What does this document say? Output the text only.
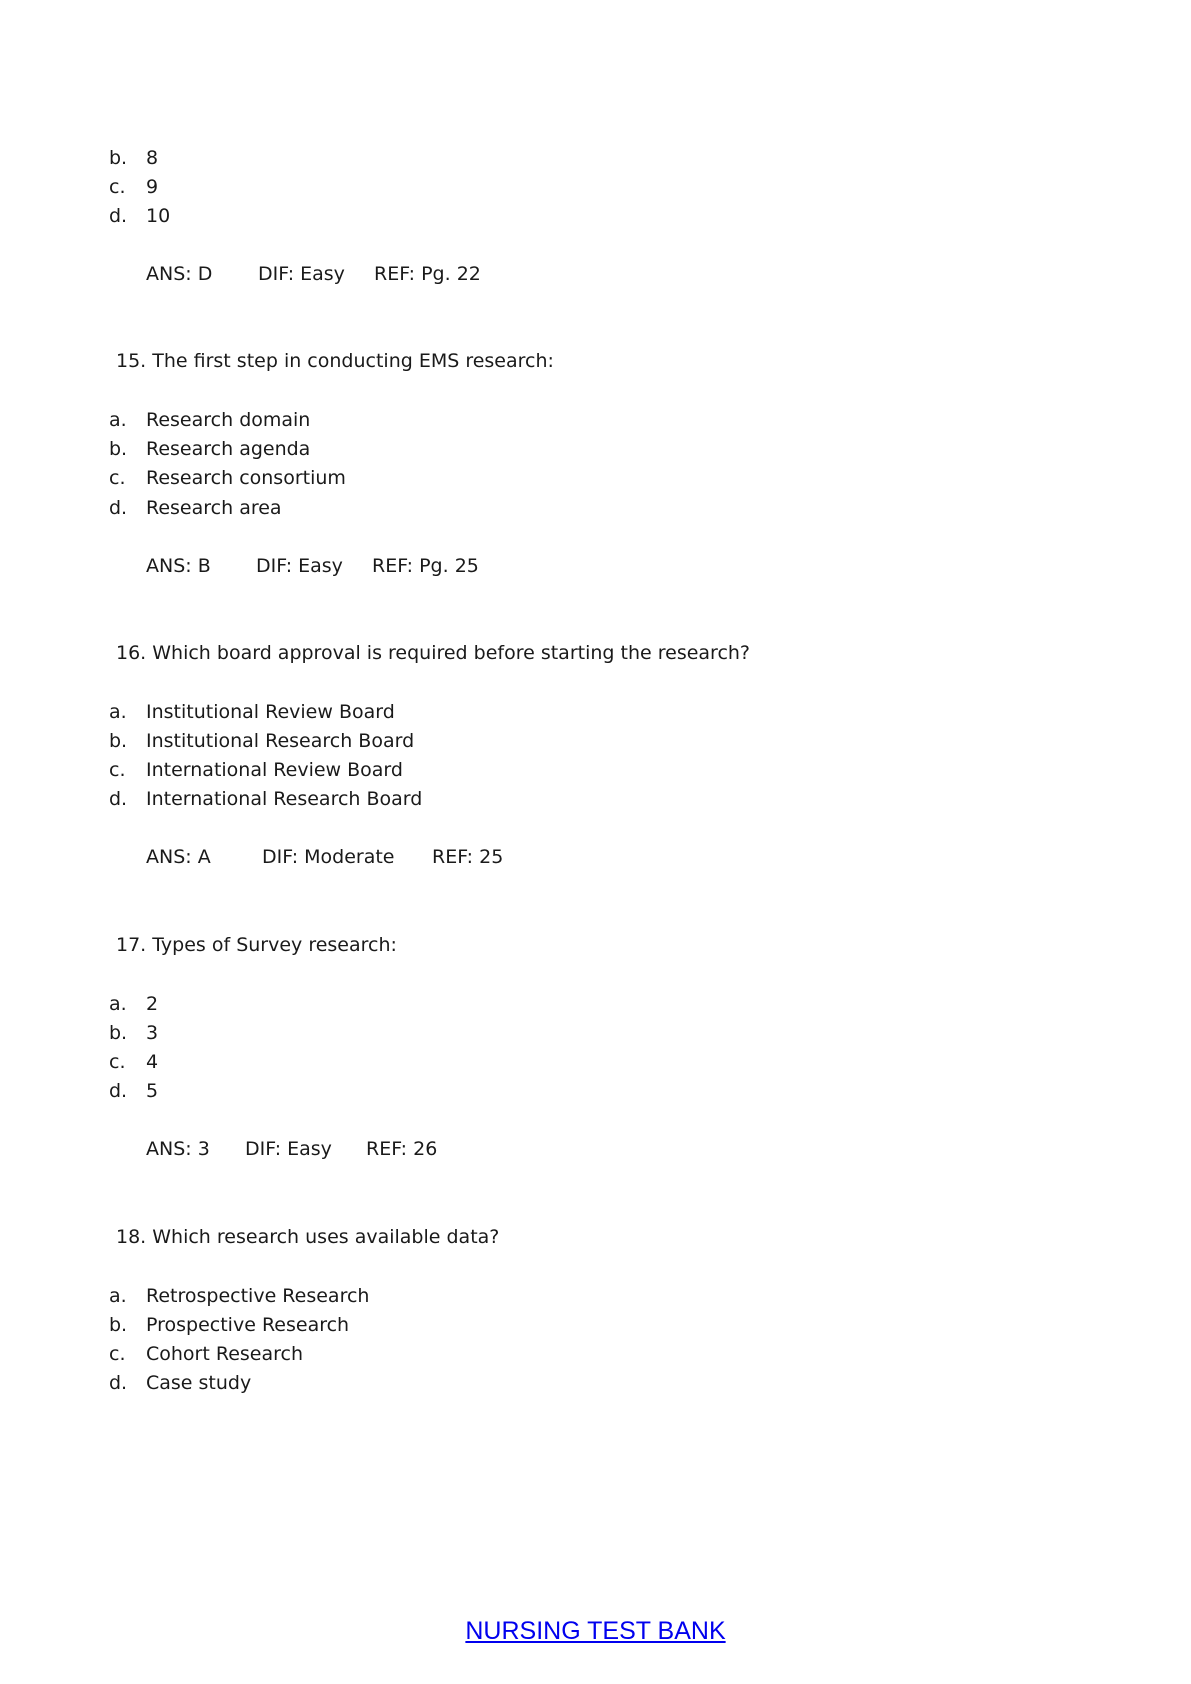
b. 8
c. 9
d. 10
ANS: D DIF: Easy REF: Pg. 22
15. The first step in conducting EMS research:
a. Research domain
b. Research agenda
c. Research consortium
d. Research area
ANS: B DIF: Easy REF: Pg. 25
16. Which board approval is required before starting the research?
a. Institutional Review Board
b. Institutional Research Board
c. International Review Board
d. International Research Board
ANS: A	DIF: Moderate REF: 25
17. Types of Survey research:
a. 2
b. 3
c. 4
d. 5
ANS: 3 DIF: Easy REF: 26
18. Which research uses available data?
a. Retrospective Research
b. Prospective Research
c. Cohort Research
d. Case study
NURSING TEST BANK
